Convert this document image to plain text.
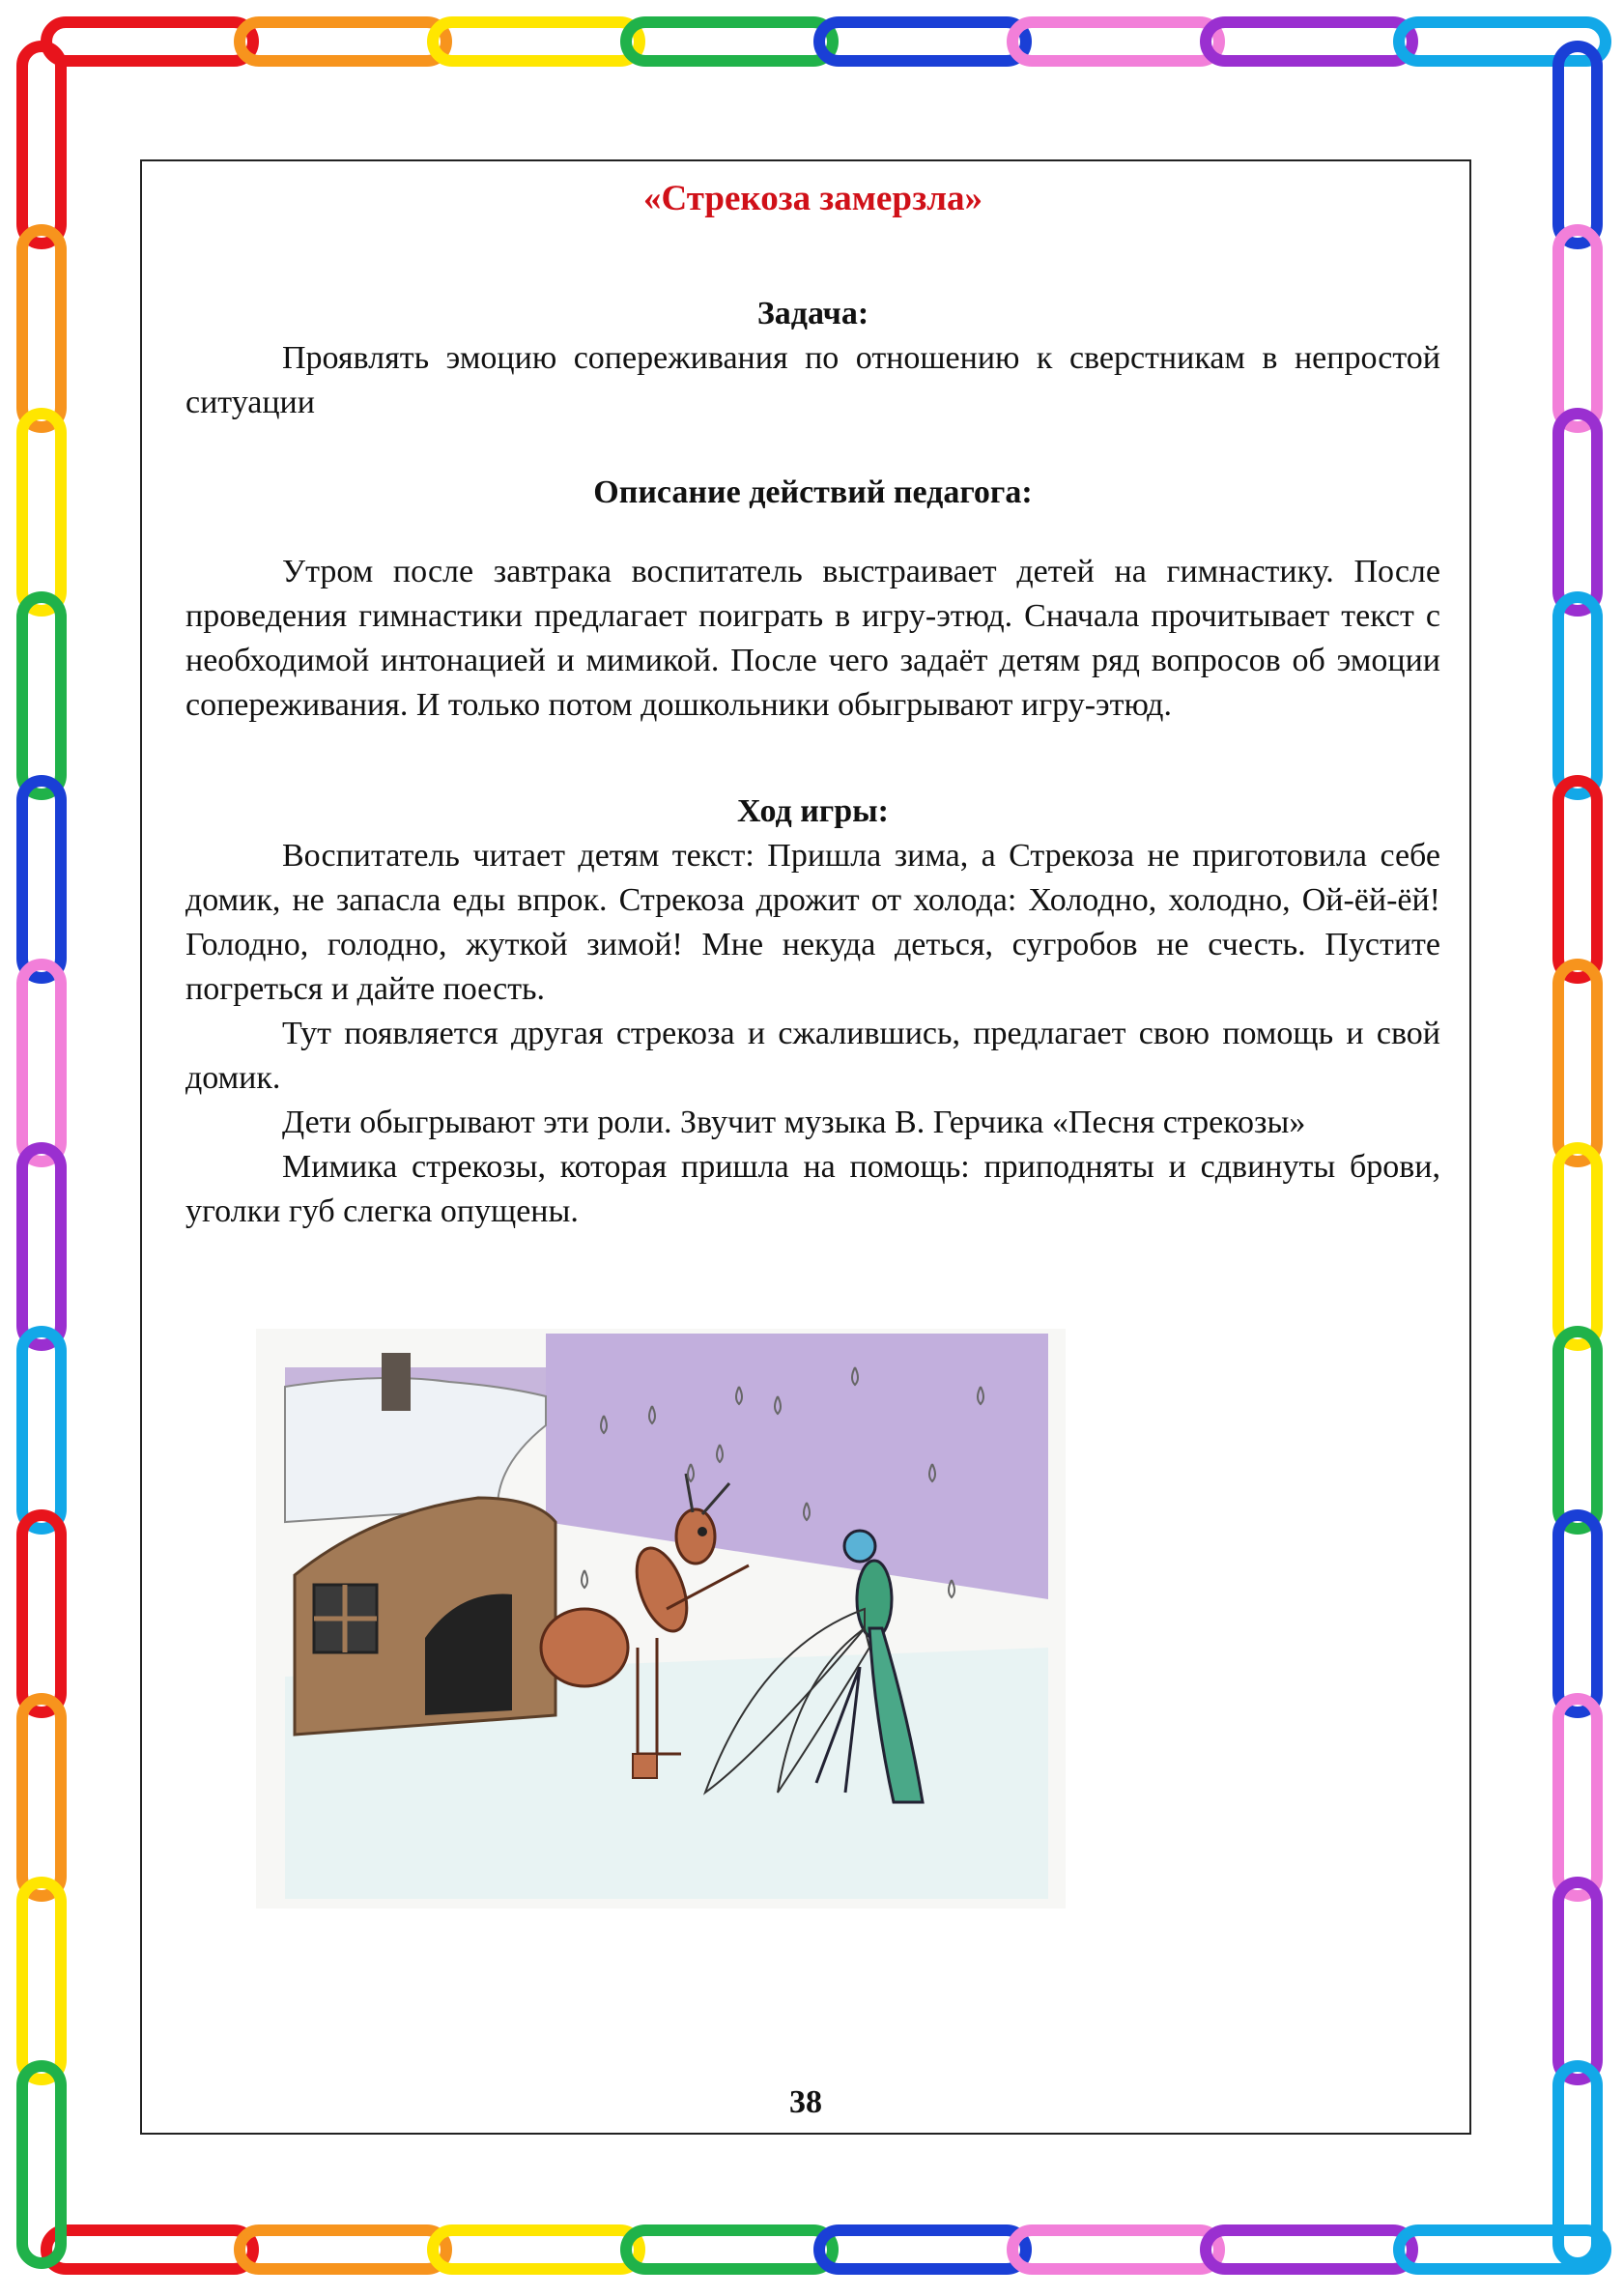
«Стрекоза замерзла»

Задача:

Проявлять эмоцию сопереживания по отношению к сверстникам в непростой ситуации

Описание действий педагога:

Утром после завтрака воспитатель выстраивает детей на гимнастику. После проведения гимнастики предлагает поиграть в игру-этюд. Сначала прочитывает текст с необходимой интонацией и мимикой. После чего задаёт детям ряд вопросов об эмоции сопереживания. И только потом дошкольники обыгрывают игру-этюд.

Ход игры:

Воспитатель читает детям текст: Пришла зима, а Стрекоза не приготовила себе домик, не запасла еды впрок. Стрекоза дрожит от холода: Холодно, холодно, Ой-ёй-ёй! Голодно, голодно, жуткой зимой! Мне некуда деться, сугробов не счесть. Пустите погреться и дайте поесть.

Тут появляется другая стрекоза и сжалившись, предлагает свою помощь и свой домик.

Дети обыгрывают эти роли. Звучит музыка В. Герчика «Песня стрекозы»

Мимика стрекозы, которая пришла на помощь: приподняты и сдвинуты брови, уголки губ слегка опущены.

38
